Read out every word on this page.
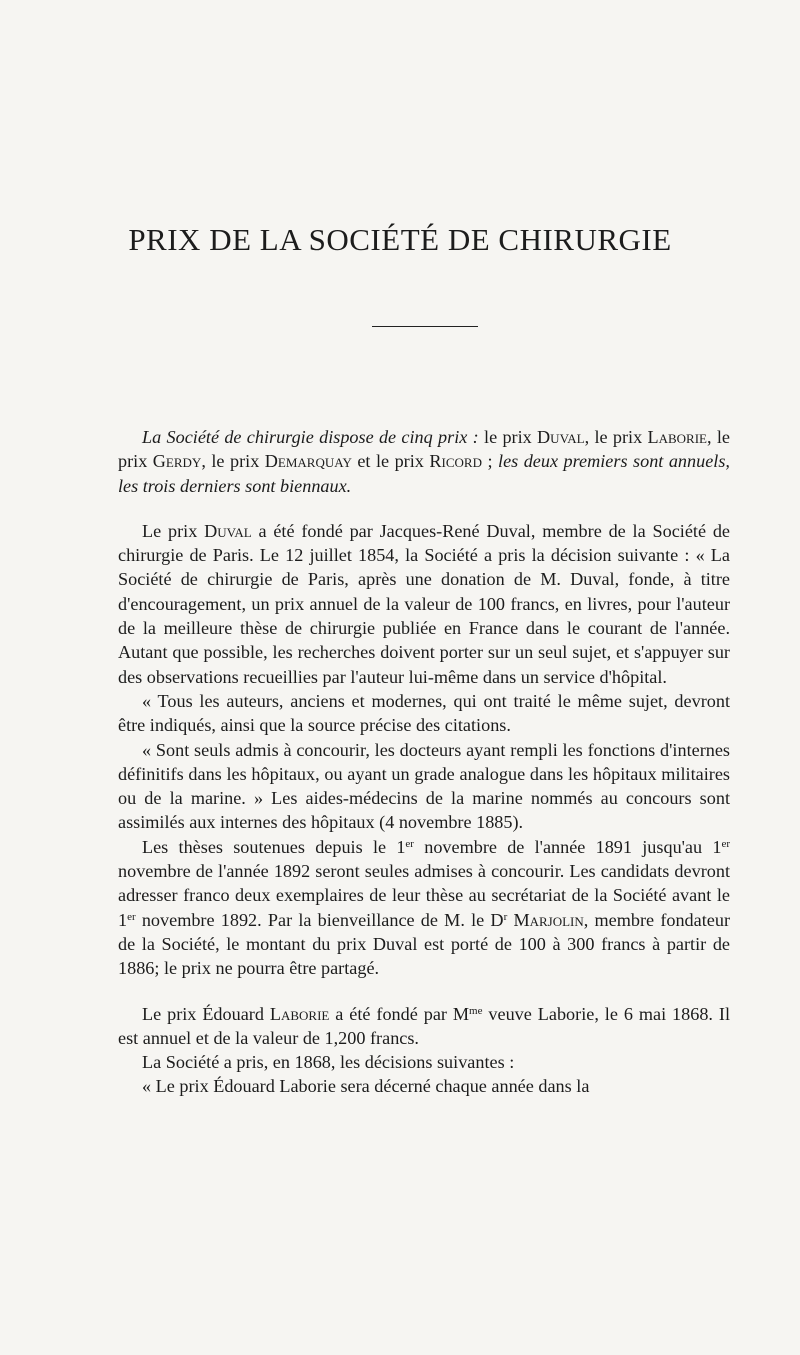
PRIX DE LA SOCIÉTÉ DE CHIRURGIE

La Société de chirurgie dispose de cinq prix : le prix Duval, le prix Laborie, le prix Gerdy, le prix Demarquay et le prix Ricord ; les deux premiers sont annuels, les trois derniers sont biennaux.

Le prix Duval a été fondé par Jacques-René Duval, membre de la Société de chirurgie de Paris. Le 12 juillet 1854, la Société a pris la décision suivante : « La Société de chirurgie de Paris, après une donation de M. Duval, fonde, à titre d'encouragement, un prix annuel de la valeur de 100 francs, en livres, pour l'auteur de la meilleure thèse de chirurgie publiée en France dans le courant de l'année. Autant que possible, les recherches doivent porter sur un seul sujet, et s'appuyer sur des observations recueillies par l'auteur lui-même dans un service d'hôpital.

« Tous les auteurs, anciens et modernes, qui ont traité le même sujet, devront être indiqués, ainsi que la source précise des citations.

« Sont seuls admis à concourir, les docteurs ayant rempli les fonctions d'internes définitifs dans les hôpitaux, ou ayant un grade analogue dans les hôpitaux militaires ou de la marine. » Les aides-médecins de la marine nommés au concours sont assimilés aux internes des hôpitaux (4 novembre 1885).

Les thèses soutenues depuis le 1er novembre de l'année 1891 jusqu'au 1er novembre de l'année 1892 seront seules admises à concourir. Les candidats devront adresser franco deux exemplaires de leur thèse au secrétariat de la Société avant le 1er novembre 1892. Par la bienveillance de M. le $D^r$ Marjolin, membre fondateur de la Société, le montant du prix Duval est porté de 100 à 300 francs à partir de 1886; le prix ne pourra être partagé.

Le prix Édouard Laborie a été fondé par $M^{me}$ veuve Laborie, le 6 mai 1868. Il est annuel et de la valeur de 1,200 francs.

La Société a pris, en 1868, les décisions suivantes :

« Le prix Édouard Laborie sera décerné chaque année dans la
